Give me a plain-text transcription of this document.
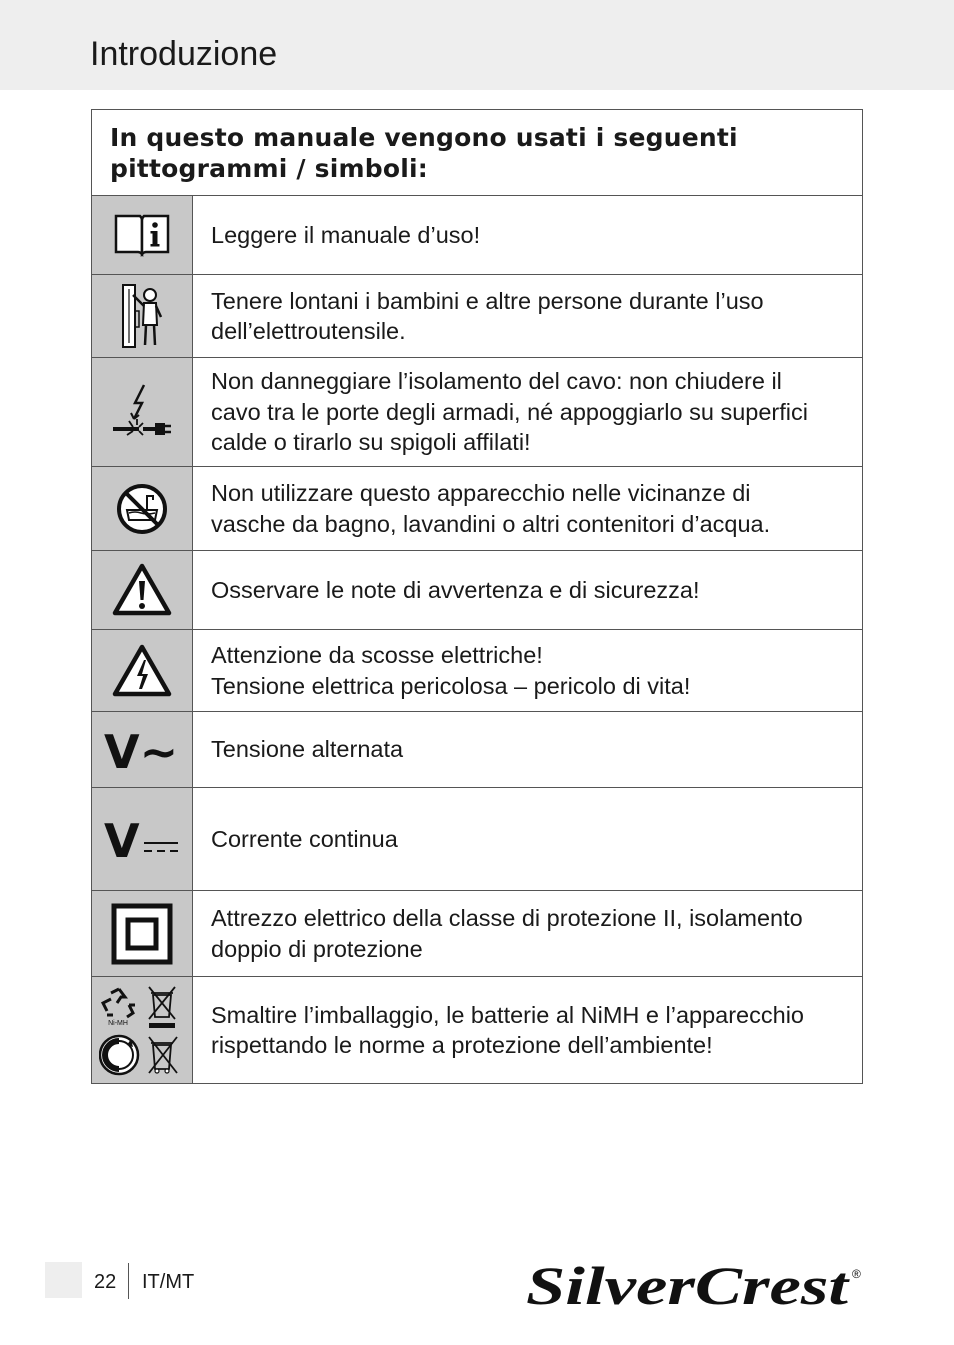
Introduzione
In questo manuale vengono usati i seguenti pittogrammi / simboli:	

Leggere il manuale d’uso!

Tenere lontani i bambini e altre persone durante l’uso
dell’elettroutensile.

Non danneggiare l’isolamento del cavo: non chiudere il
cavo tra le porte degli armadi, né appoggiarlo su superfici
calde o tirarlo su spigoli affilati!

Non utilizzare questo apparecchio nelle vicinanze di
vasche da bagno, lavandini o altri contenitori d’acqua.

Osservare le note di avvertenza e di sicurezza!

Attenzione da scosse elettriche!
Tensione elettrica pericolosa – pericolo di vita!

V~	Tensione alternata

V	Corrente continua

Attrezzo elettrico della classe di protezione II, isolamento
doppio di protezione

Ni-MH	Smaltire l’imballaggio, le batterie al NiMH e l’apparecchio
rispettando le norme a protezione dell’ambiente!
22 IT/MT	SilverCrest ®
